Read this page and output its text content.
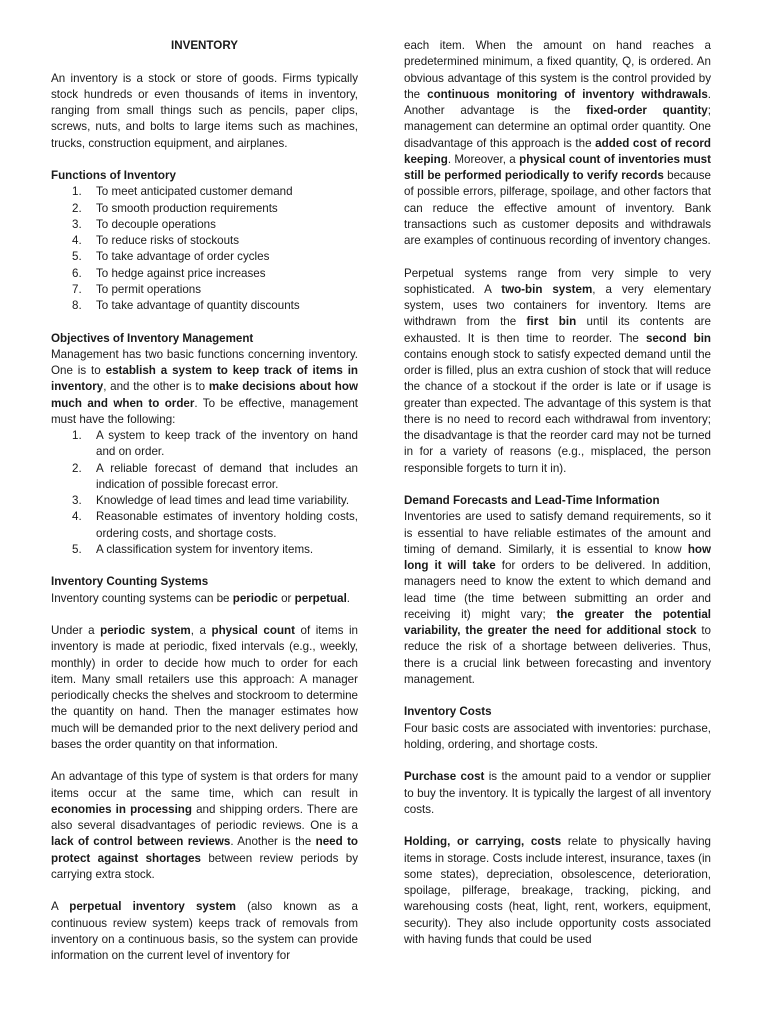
INVENTORY

An inventory is a stock or store of goods. Firms typically stock hundreds or even thousands of items in inventory, ranging from small things such as pencils, paper clips, screws, nuts, and bolts to large items such as machines, trucks, construction equipment, and airplanes.

Functions of Inventory
1. To meet anticipated customer demand
2. To smooth production requirements
3. To decouple operations
4. To reduce risks of stockouts
5. To take advantage of order cycles
6. To hedge against price increases
7. To permit operations
8. To take advantage of quantity discounts
Objectives of Inventory Management

Management has two basic functions concerning inventory. One is to establish a system to keep track of items in inventory, and the other is to make decisions about how much and when to order. To be effective, management must have the following:

1. A system to keep track of the inventory on hand and on order.
2. A reliable forecast of demand that includes an indication of possible forecast error.
3. Knowledge of lead times and lead time variability.
4. Reasonable estimates of inventory holding costs, ordering costs, and shortage costs.
5. A classification system for inventory items.
Inventory Counting Systems

Inventory counting systems can be periodic or perpetual.

Under a periodic system, a physical count of items in inventory is made at periodic, fixed intervals (e.g., weekly, monthly) in order to decide how much to order for each item. Many small retailers use this approach: A manager periodically checks the shelves and stockroom to determine the quantity on hand. Then the manager estimates how much will be demanded prior to the next delivery period and bases the order quantity on that information.

An advantage of this type of system is that orders for many items occur at the same time, which can result in economies in processing and shipping orders. There are also several disadvantages of periodic reviews. One is a lack of control between reviews. Another is the need to protect against shortages between review periods by carrying extra stock.

A perpetual inventory system (also known as a continuous review system) keeps track of removals from inventory on a continuous basis, so the system can provide information on the current level of inventory for

each item. When the amount on hand reaches a predetermined minimum, a fixed quantity, Q, is ordered. An obvious advantage of this system is the control provided by the continuous monitoring of inventory withdrawals. Another advantage is the fixed-order quantity; management can determine an optimal order quantity. One disadvantage of this approach is the added cost of record keeping. Moreover, a physical count of inventories must still be performed periodically to verify records because of possible errors, pilferage, spoilage, and other factors that can reduce the effective amount of inventory. Bank transactions such as customer deposits and withdrawals are examples of continuous recording of inventory changes.

Perpetual systems range from very simple to very sophisticated. A two-bin system, a very elementary system, uses two containers for inventory. Items are withdrawn from the first bin until its contents are exhausted. It is then time to reorder. The second bin contains enough stock to satisfy expected demand until the order is filled, plus an extra cushion of stock that will reduce the chance of a stockout if the order is late or if usage is greater than expected. The advantage of this system is that there is no need to record each withdrawal from inventory; the disadvantage is that the reorder card may not be turned in for a variety of reasons (e.g., misplaced, the person responsible forgets to turn it in).

Demand Forecasts and Lead-Time Information

Inventories are used to satisfy demand requirements, so it is essential to have reliable estimates of the amount and timing of demand. Similarly, it is essential to know how long it will take for orders to be delivered. In addition, managers need to know the extent to which demand and lead time (the time between submitting an order and receiving it) might vary; the greater the potential variability, the greater the need for additional stock to reduce the risk of a shortage between deliveries. Thus, there is a crucial link between forecasting and inventory management.

Inventory Costs

Four basic costs are associated with inventories: purchase, holding, ordering, and shortage costs.

Purchase cost is the amount paid to a vendor or supplier to buy the inventory. It is typically the largest of all inventory costs.

Holding, or carrying, costs relate to physically having items in storage. Costs include interest, insurance, taxes (in some states), depreciation, obsolescence, deterioration, spoilage, pilferage, breakage, tracking, picking, and warehousing costs (heat, light, rent, workers, equipment, security). They also include opportunity costs associated with having funds that could be used
